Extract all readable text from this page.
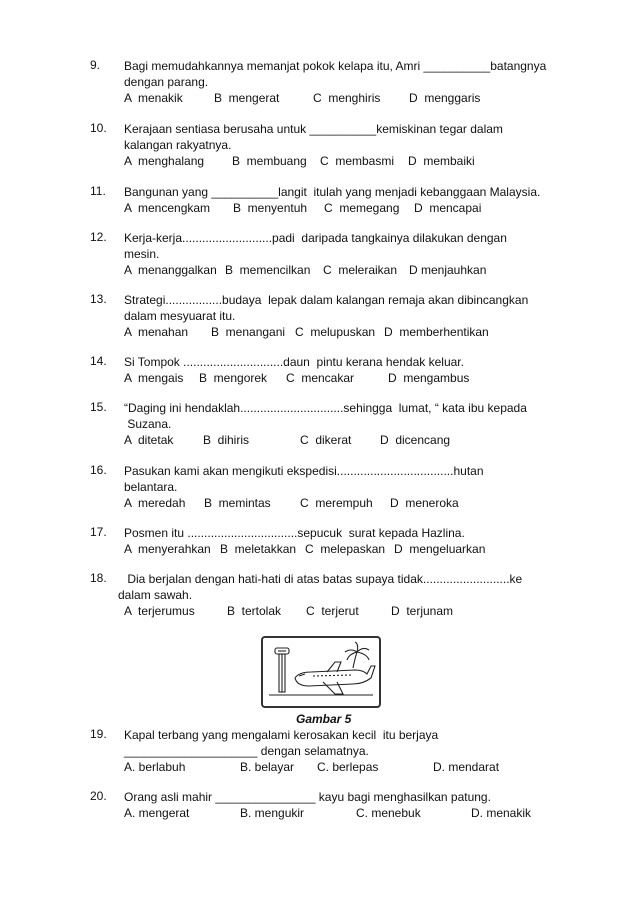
9. Bagi memudahkannya memanjat pokok kelapa itu, Amri __________batangnya
dengan parang.
A  menakik	B  mengerat	C  menghiris D  menggaris
10. Kerajaan sentiasa berusaha untuk __________kemiskinan tegar dalam
kalangan rakyatnya.
A  menghalang B  membuang C  membasmi D  membaiki
11. Bangunan yang __________langit  itulah yang menjadi kebanggaan Malaysia.
A  mencengkam B  menyentuh C  memegang D  mencapai
12. Kerja-kerja...........................padi  daripada tangkainya dilakukan dengan
mesin.
A  menanggalkan B  memencilkan C  meleraikan D menjauhkan
13. Strategi.................budaya  lepak dalam kalangan remaja akan dibincangkan
dalam mesyuarat itu.
A  menahan B  menangani C  melupuskan D  memberhentikan
14. Si Tompok ..............................daun  pintu kerana hendak keluar.
A  mengais B  mengorek C  mencakar	D  mengambus
15. “Daging ini hendaklah...............................sehingga  lumat, “ kata ibu kepada
Suzana.
A  ditetak B  dihiris	C  dikerat D  dicencang
16. Pasukan kami akan mengikuti ekspedisi...................................hutan
belantara.
A  meredah B  memintas C  merempuh D  meneroka
17. Posmen itu .................................sepucuk  surat kepada Hazlina.
A  menyerahkan B  meletakkan C  melepaskan D  mengeluarkan
18. Dia berjalan dengan hati-hati di atas batas supaya tidak..........................ke
dalam sawah.
A  terjerumus	B  tertolak C  terjerut	D  terjunam
Gambar 5
19. Kapal terbang yang mengalami kerosakan kecil  itu berjaya
____________________ dengan selamatnya.
A. berlabuh	B. belayar C. berlepas	D. mendarat
20. Orang asli mahir _______________ kayu bagi menghasilkan patung.
A. mengerat	B. mengukir	C. menebuk	D. menakik
